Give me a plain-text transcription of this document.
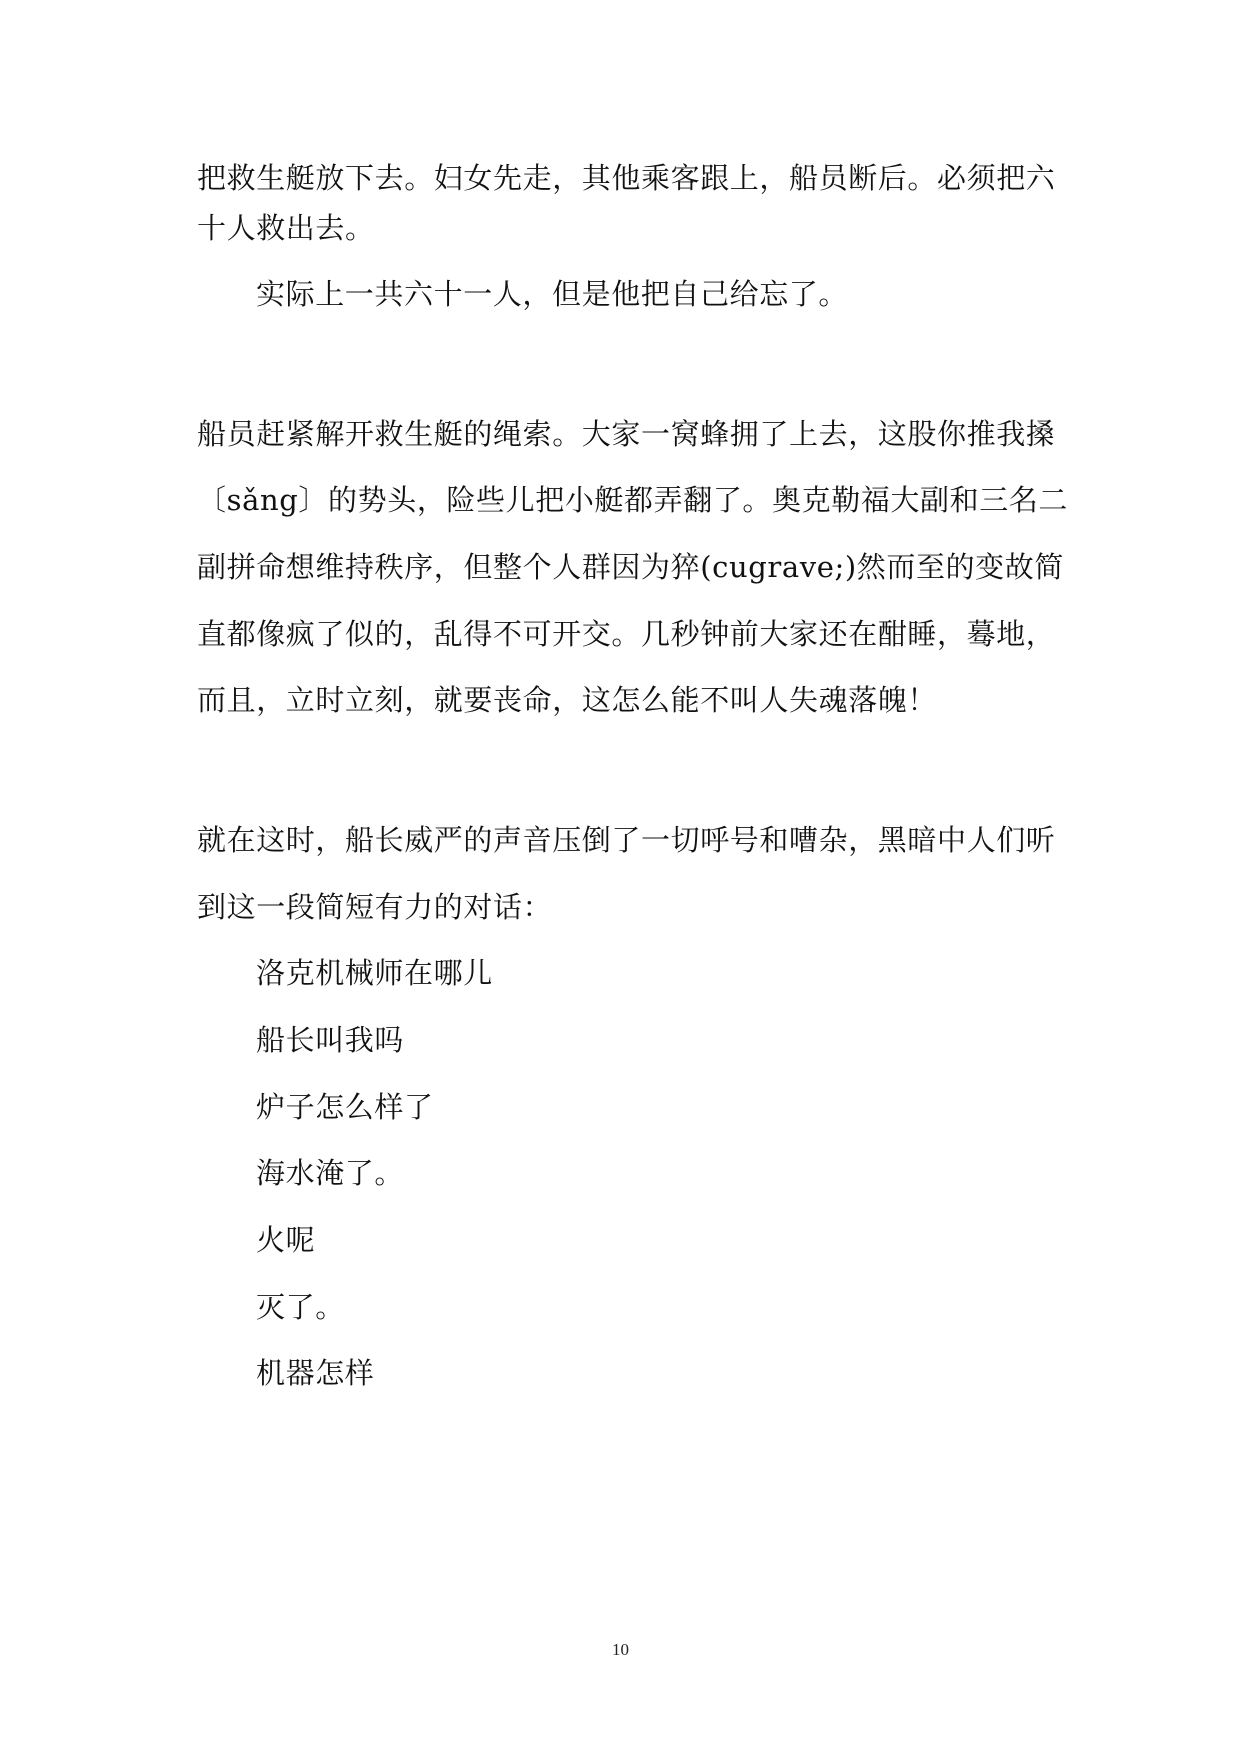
把救生艇放下去。妇女先走，其他乘客跟上，船员断后。必须把六
十人救出去。
实际上一共六十一人，但是他把自己给忘了。
船员赶紧解开救生艇的绳索。大家一窝蜂拥了上去，这股你推我搡
〔sǎng〕的势头，险些儿把小艇都弄翻了。奥克勒福大副和三名二
副拼命想维持秩序，但整个人群因为猝(cugrave;)然而至的变故简
直都像疯了似的，乱得不可开交。几秒钟前大家还在酣睡，蓦地，
而且，立时立刻，就要丧命，这怎么能不叫人失魂落魄！
就在这时，船长威严的声音压倒了一切呼号和嘈杂，黑暗中人们听
到这一段简短有力的对话：
洛克机械师在哪儿
船长叫我吗
炉子怎么样了
海水淹了。
火呢
灭了。
机器怎样
10
